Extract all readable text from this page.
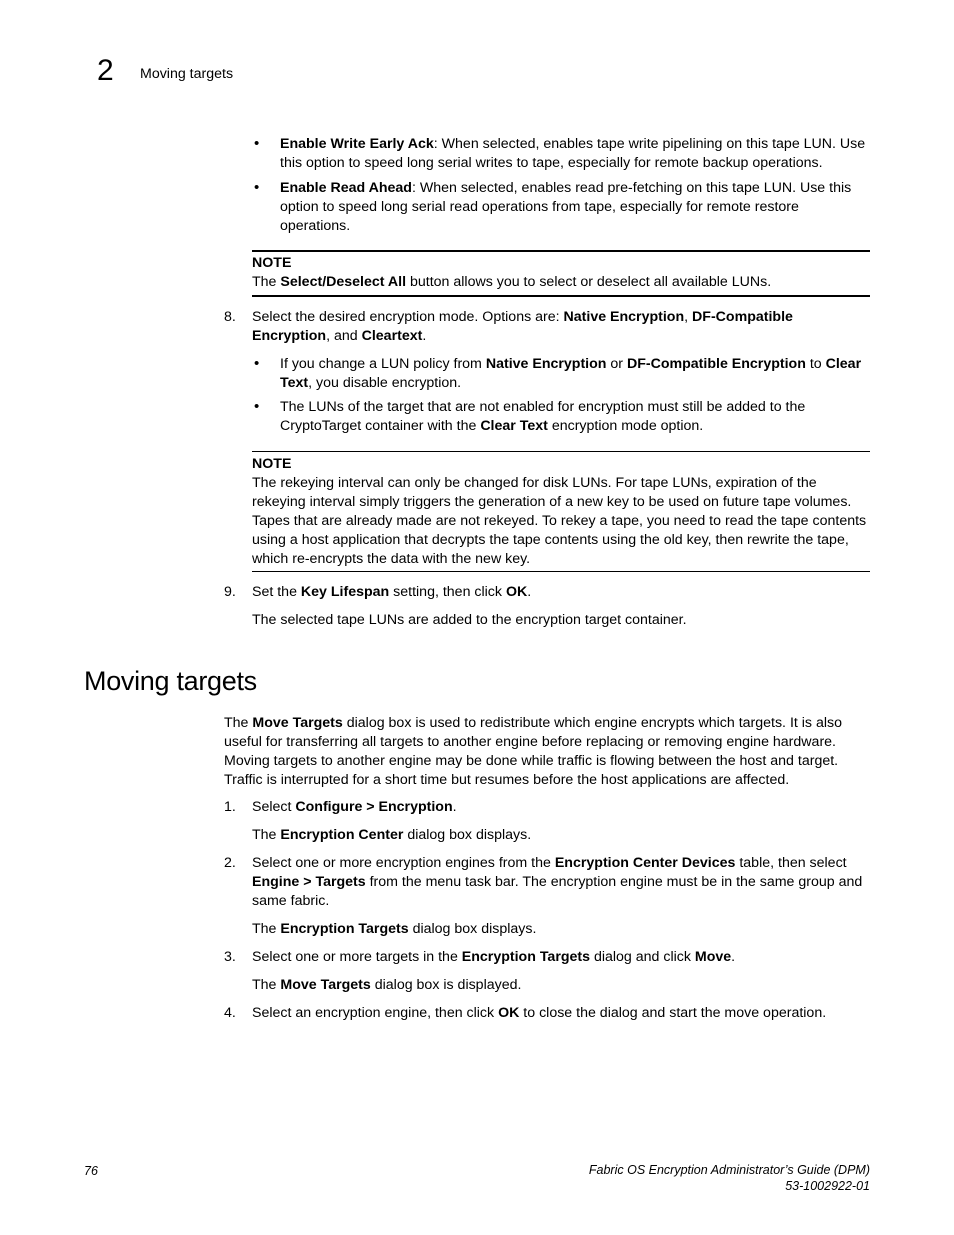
2 Moving targets
• Enable Write Early Ack: When selected, enables tape write pipelining on this tape LUN. Use this option to speed long serial writes to tape, especially for remote backup operations.
• Enable Read Ahead: When selected, enables read pre-fetching on this tape LUN. Use this option to speed long serial read operations from tape, especially for remote restore operations.
NOTE
The Select/Deselect All button allows you to select or deselect all available LUNs.
8.	Select the desired encryption mode. Options are: Native Encryption, DF-Compatible Encryption, and Cleartext.
• If you change a LUN policy from Native Encryption or DF-Compatible Encryption to Clear Text, you disable encryption.
• The LUNs of the target that are not enabled for encryption must still be added to the CryptoTarget container with the Clear Text encryption mode option.
NOTE
The rekeying interval can only be changed for disk LUNs. For tape LUNs, expiration of the rekeying interval simply triggers the generation of a new key to be used on future tape volumes. Tapes that are already made are not rekeyed. To rekey a tape, you need to read the tape contents using a host application that decrypts the tape contents using the old key, then rewrite the tape, which re-encrypts the data with the new key.
9.	Set the Key Lifespan setting, then click OK.
The selected tape LUNs are added to the encryption target container.
Moving targets
The Move Targets dialog box is used to redistribute which engine encrypts which targets. It is also useful for transferring all targets to another engine before replacing or removing engine hardware. Moving targets to another engine may be done while traffic is flowing between the host and target. Traffic is interrupted for a short time but resumes before the host applications are affected.
1.	Select Configure > Encryption.
The Encryption Center dialog box displays.
2.	Select one or more encryption engines from the Encryption Center Devices table, then select Engine > Targets from the menu task bar. The encryption engine must be in the same group and same fabric.
The Encryption Targets dialog box displays.
3.	Select one or more targets in the Encryption Targets dialog and click Move.
The Move Targets dialog box is displayed.
4.	Select an encryption engine, then click OK to close the dialog and start the move operation.
76	Fabric OS Encryption Administrator’s Guide (DPM)
53-1002922-01
